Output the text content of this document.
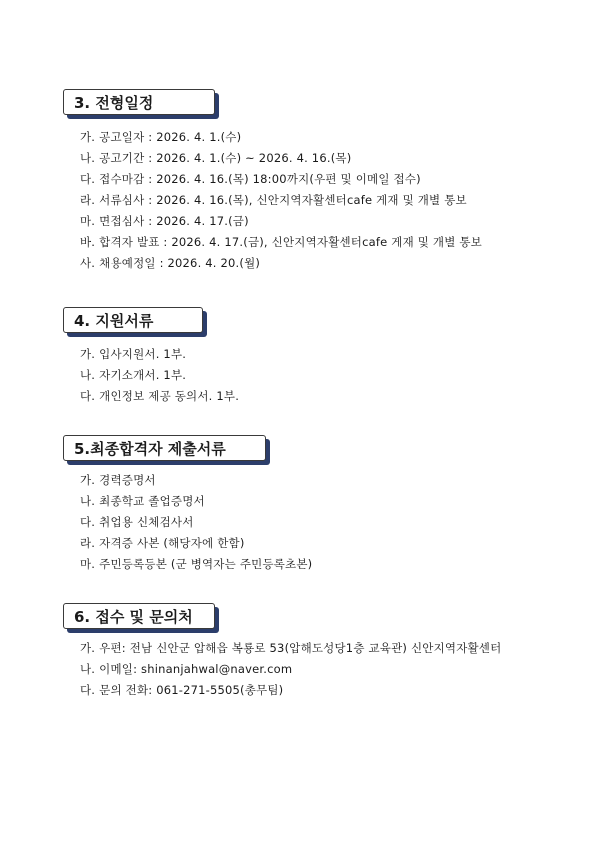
3. 전형일정
가. 공고일자 : 2026. 4. 1.(수)
나. 공고기간 : 2026. 4. 1.(수) ~ 2026. 4. 16.(목)
다. 접수마감 : 2026. 4. 16.(목) 18:00까지(우편 및 이메일 접수)
라. 서류심사 : 2026. 4. 16.(목), 신안지역자활센터cafe 게재 및 개별 통보
마. 면접심사 : 2026. 4. 17.(금)
바. 합격자 발표 : 2026. 4. 17.(금), 신안지역자활센터cafe 게재 및 개별 통보
사. 채용예정일 : 2026. 4. 20.(월)
4. 지원서류
가. 입사지원서. 1부.
나. 자기소개서. 1부.
다. 개인정보 제공 동의서. 1부.
5.최종합격자 제출서류
가. 경력증명서
나. 최종학교 졸업증명서
다. 취업용 신체검사서
라. 자격증 사본 (해당자에 한함)
마. 주민등록등본 (군 병역자는 주민등록초본)
6. 접수 및 문의처
가. 우편: 전남 신안군 압해읍 복룡로 53(압해도성당1층 교육관) 신안지역자활센터
나. 이메일: shinanjahwal@naver.com
다. 문의 전화: 061-271-5505(총무팀)
